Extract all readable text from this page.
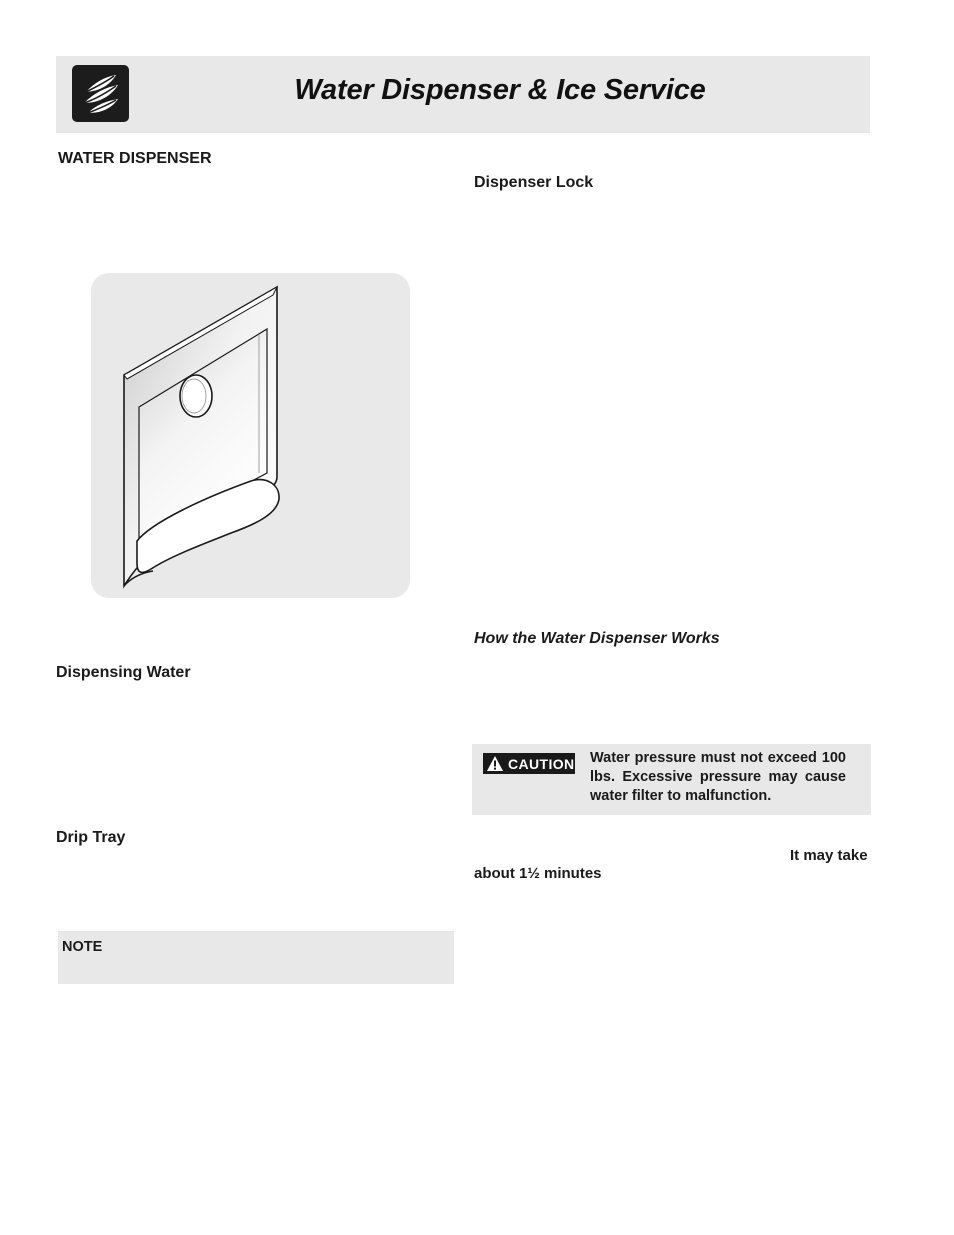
Water Dispenser & Ice Service
WATER DISPENSER
Dispensing Water
Drip Tray
NOTE
Dispenser Lock
How the Water Dispenser Works
CAUTION Water pressure must not exceed 100 lbs. Excessive pressure may cause water filter to malfunction.
It may take
about 1½ minutes
